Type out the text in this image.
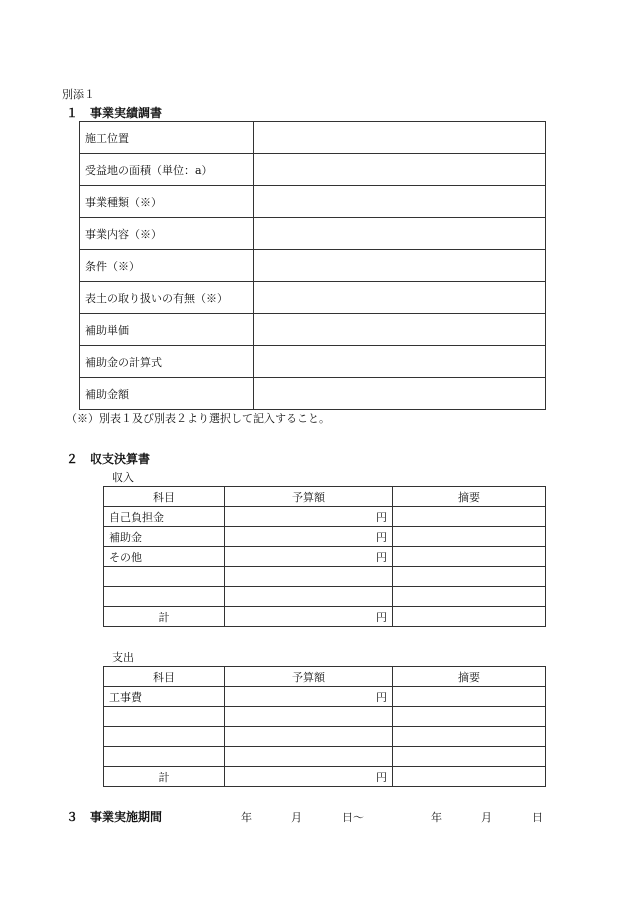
別添１
１　事業実績調書
施工位置	
受益地の面積（単位：a）	
事業種類（※）	
事業内容（※）	
条件（※）	
表土の取り扱いの有無（※）	
補助単価	
補助金の計算式	
補助金額	
（※）別表１及び別表２より選択して記入すること。
２　収支決算書
収入
科目	予算額	摘要
自己負担金	円	
補助金	円	
その他	円	

計	円	
支出
科目	予算額	摘要
工事費	円	

計	円	
３　事業実施期間	年	月	日～	年	月	日
